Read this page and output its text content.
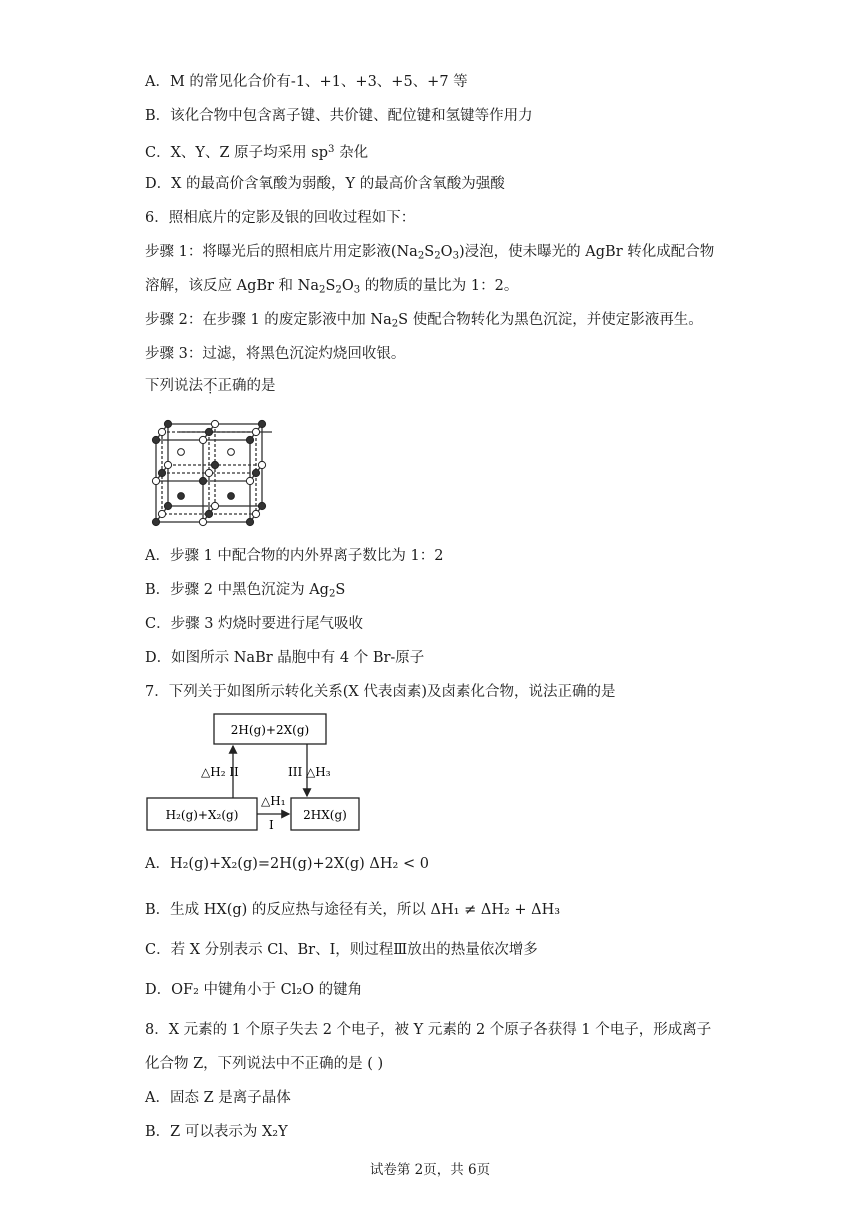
A．M 的常见化合价有-1、+1、+3、+5、+7 等
B．该化合物中包含离子键、共价键、配位键和氢键等作用力
C．X、Y、Z 原子均采用 $sp^3$ 杂化
D．X 的最高价含氧酸为弱酸，Y 的最高价含氧酸为强酸
6．照相底片的定影及银的回收过程如下：
步骤 1：将曝光后的照相底片用定影液$(Na_2S_2O_3)$浸泡，使未曝光的 AgBr 转化成配合物
溶解，该反应 AgBr 和 $Na_2S_2O_3$ 的物质的量比为 1：2。
步骤 2：在步骤 1 的废定影液中加 $Na_2S$ 使配合物转化为黑色沉淀，并使定影液再生。
步骤 3：过滤，将黑色沉淀灼烧回收银。
下列说法不正确的是
A．步骤 1 中配合物的内外界离子数比为 1：2
B．步骤 2 中黑色沉淀为 $Ag_2S$
C．步骤 3 灼烧时要进行尾气吸收
D．如图所示 NaBr 晶胞中有 4 个 Br-原子
7．下列关于如图所示转化关系(X 代表卤素)及卤素化合物，说法正确的是
2H(g)+2X(g)
H₂(g)+X₂(g)	2HX(g)
△H₂ II	III △H₃
△H₁
I
A．H₂(g)+X₂(g)=2H(g)+2X(g) ΔH₂ < 0
B．生成 HX(g) 的反应热与途径有关，所以 ΔH₁ ≠ ΔH₂ + ΔH₃
C．若 X 分别表示 Cl、Br、I，则过程Ⅲ放出的热量依次增多
D．OF₂ 中键角小于 Cl₂O 的键角
8．X 元素的 1 个原子失去 2 个电子，被 Y 元素的 2 个原子各获得 1 个电子，形成离子
化合物 Z，下列说法中不正确的是 ( )
A．固态 Z 是离子晶体
B．Z 可以表示为 X₂Y
试卷第 2页，共 6页
